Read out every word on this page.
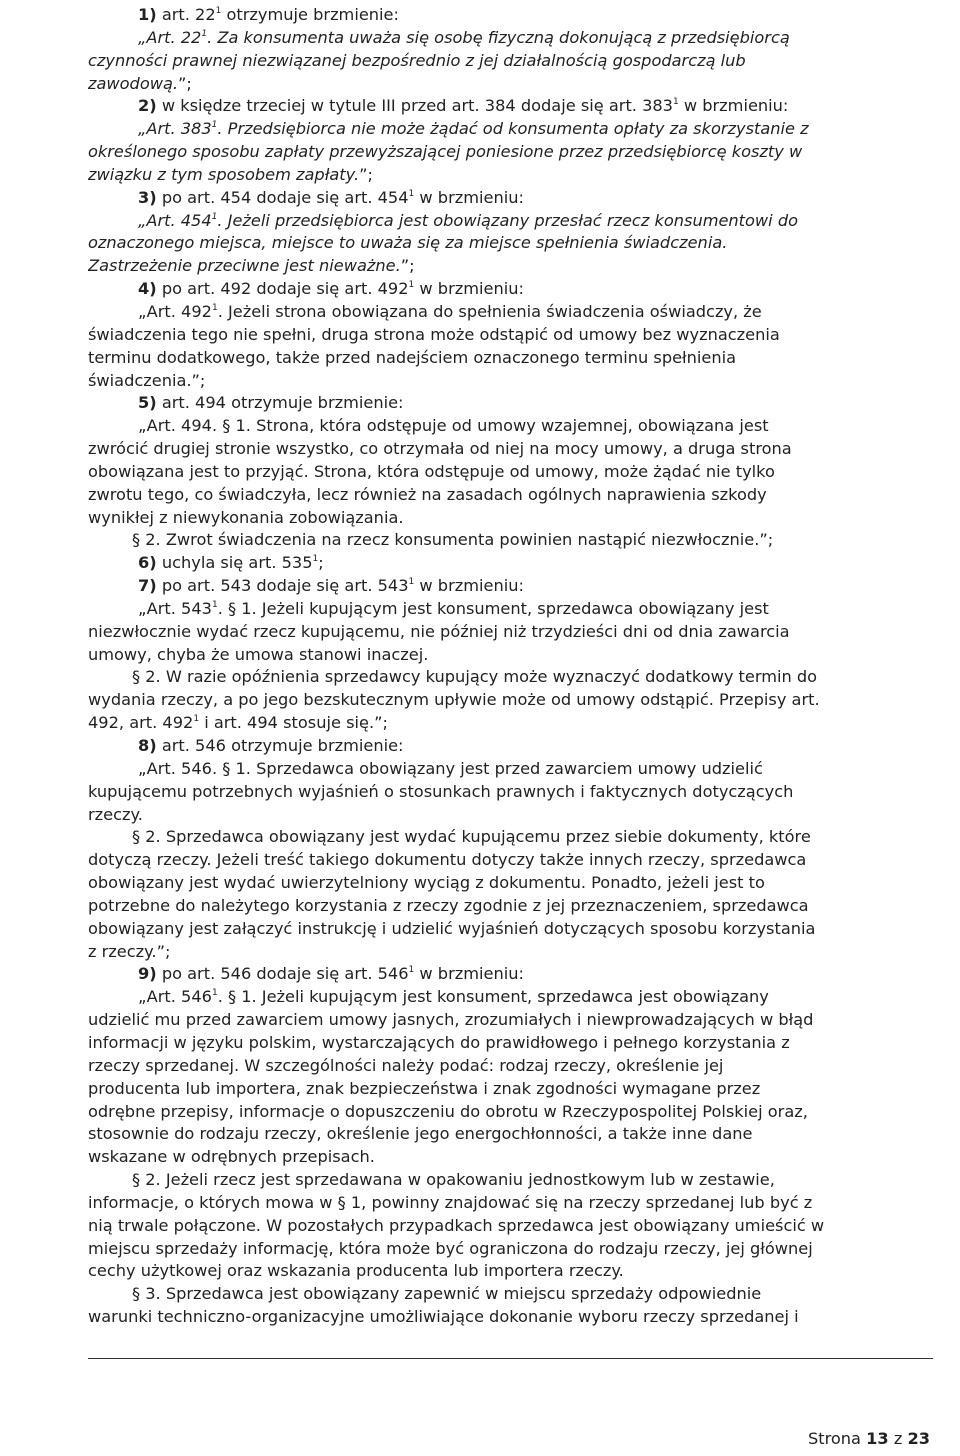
1) art. $22^1$ otrzymuje brzmienie:
„Art. $22^1$. Za konsumenta uważa się osobę fizyczną dokonującą z przedsiębiorcą
czynności prawnej niezwiązanej bezpośrednio z jej działalnością gospodarczą lub
zawodową.”;
2) w księdze trzeciej w tytule III przed art. 384 dodaje się art. $383^1$ w brzmieniu:
„Art. $383^1$. Przedsiębiorca nie może żądać od konsumenta opłaty za skorzystanie z
określonego sposobu zapłaty przewyższającej poniesione przez przedsiębiorcę koszty w
związku z tym sposobem zapłaty.”;
3) po art. 454 dodaje się art. $454^1$ w brzmieniu:
„Art. $454^1$. Jeżeli przedsiębiorca jest obowiązany przesłać rzecz konsumentowi do
oznaczonego miejsca, miejsce to uważa się za miejsce spełnienia świadczenia.
Zastrzeżenie przeciwne jest nieważne.”;
4) po art. 492 dodaje się art. $492^1$ w brzmieniu:
„Art. $492^1$. Jeżeli strona obowiązana do spełnienia świadczenia oświadczy, że
świadczenia tego nie spełni, druga strona może odstąpić od umowy bez wyznaczenia
terminu dodatkowego, także przed nadejściem oznaczonego terminu spełnienia
świadczenia.”;
5) art. 494 otrzymuje brzmienie:
„Art. 494. § 1. Strona, która odstępuje od umowy wzajemnej, obowiązana jest
zwrócić drugiej stronie wszystko, co otrzymała od niej na mocy umowy, a druga strona
obowiązana jest to przyjąć. Strona, która odstępuje od umowy, może żądać nie tylko
zwrotu tego, co świadczyła, lecz również na zasadach ogólnych naprawienia szkody
wynikłej z niewykonania zobowiązania.
§ 2. Zwrot świadczenia na rzecz konsumenta powinien nastąpić niezwłocznie.”;
6) uchyla się art. $535^1$;
7) po art. 543 dodaje się art. $543^1$ w brzmieniu:
„Art. $543^1$. § 1. Jeżeli kupującym jest konsument, sprzedawca obowiązany jest
niezwłocznie wydać rzecz kupującemu, nie później niż trzydzieści dni od dnia zawarcia
umowy, chyba że umowa stanowi inaczej.
§ 2. W razie opóźnienia sprzedawcy kupujący może wyznaczyć dodatkowy termin do
wydania rzeczy, a po jego bezskutecznym upływie może od umowy odstąpić. Przepisy art.
492, art. $492^1$ i art. 494 stosuje się.”;
8) art. 546 otrzymuje brzmienie:
„Art. 546. § 1. Sprzedawca obowiązany jest przed zawarciem umowy udzielić
kupującemu potrzebnych wyjaśnień o stosunkach prawnych i faktycznych dotyczących
rzeczy.
§ 2. Sprzedawca obowiązany jest wydać kupującemu przez siebie dokumenty, które
dotyczą rzeczy. Jeżeli treść takiego dokumentu dotyczy także innych rzeczy, sprzedawca
obowiązany jest wydać uwierzytelniony wyciąg z dokumentu. Ponadto, jeżeli jest to
potrzebne do należytego korzystania z rzeczy zgodnie z jej przeznaczeniem, sprzedawca
obowiązany jest załączyć instrukcję i udzielić wyjaśnień dotyczących sposobu korzystania
z rzeczy.”;
9) po art. 546 dodaje się art. $546^1$ w brzmieniu:
„Art. $546^1$. § 1. Jeżeli kupującym jest konsument, sprzedawca jest obowiązany
udzielić mu przed zawarciem umowy jasnych, zrozumiałych i niewprowadzających w błąd
informacji w języku polskim, wystarczających do prawidłowego i pełnego korzystania z
rzeczy sprzedanej. W szczególności należy podać: rodzaj rzeczy, określenie jej
producenta lub importera, znak bezpieczeństwa i znak zgodności wymagane przez
odrębne przepisy, informacje o dopuszczeniu do obrotu w Rzeczypospolitej Polskiej oraz,
stosownie do rodzaju rzeczy, określenie jego energochłonności, a także inne dane
wskazane w odrębnych przepisach.
§ 2. Jeżeli rzecz jest sprzedawana w opakowaniu jednostkowym lub w zestawie,
informacje, o których mowa w § 1, powinny znajdować się na rzeczy sprzedanej lub być z
nią trwale połączone. W pozostałych przypadkach sprzedawca jest obowiązany umieścić w
miejscu sprzedaży informację, która może być ograniczona do rodzaju rzeczy, jej głównej
cechy użytkowej oraz wskazania producenta lub importera rzeczy.
§ 3. Sprzedawca jest obowiązany zapewnić w miejscu sprzedaży odpowiednie
warunki techniczno-organizacyjne umożliwiające dokonanie wyboru rzeczy sprzedanej i
Strona 13 z 23
